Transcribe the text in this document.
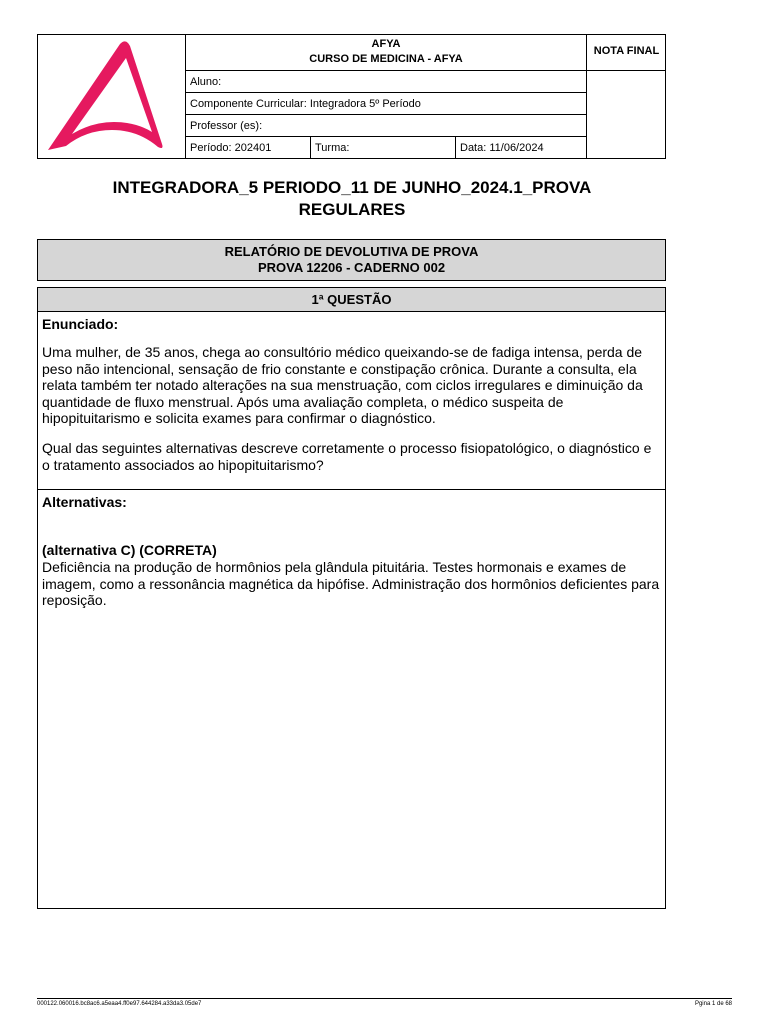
AFYA
CURSO DE MEDICINA - AFYA
NOTA FINAL
Aluno:
Componente Curricular: Integradora 5º Período
Professor (es):
Período: 202401	Turma:	Data: 11/06/2024
INTEGRADORA_5 PERIODO_11 DE JUNHO_2024.1_PROVA REGULARES
RELATÓRIO DE DEVOLUTIVA DE PROVA
PROVA 12206 - CADERNO 002
1ª QUESTÃO
Enunciado:
Uma mulher, de 35 anos, chega ao consultório médico queixando-se de fadiga intensa, perda de peso não intencional, sensação de frio constante e constipação crônica. Durante a consulta, ela relata também ter notado alterações na sua menstruação, com ciclos irregulares e diminuição da quantidade de fluxo menstrual. Após uma avaliação completa, o médico suspeita de hipopituitarismo e solicita exames para confirmar o diagnóstico.
Qual das seguintes alternativas descreve corretamente o processo fisiopatológico, o diagnóstico e o tratamento associados ao hipopituitarismo?
Alternativas:
(alternativa C) (CORRETA)
Deficiência na produção de hormônios pela glândula pituitária. Testes hormonais e exames de imagem, como a ressonância magnética da hipófise. Administração dos hormônios deficientes para reposição.
000122.060016.bc8ac6.a5eaa4.ff0e97.644284.a33da3.05de7	Pgina 1 de 68
